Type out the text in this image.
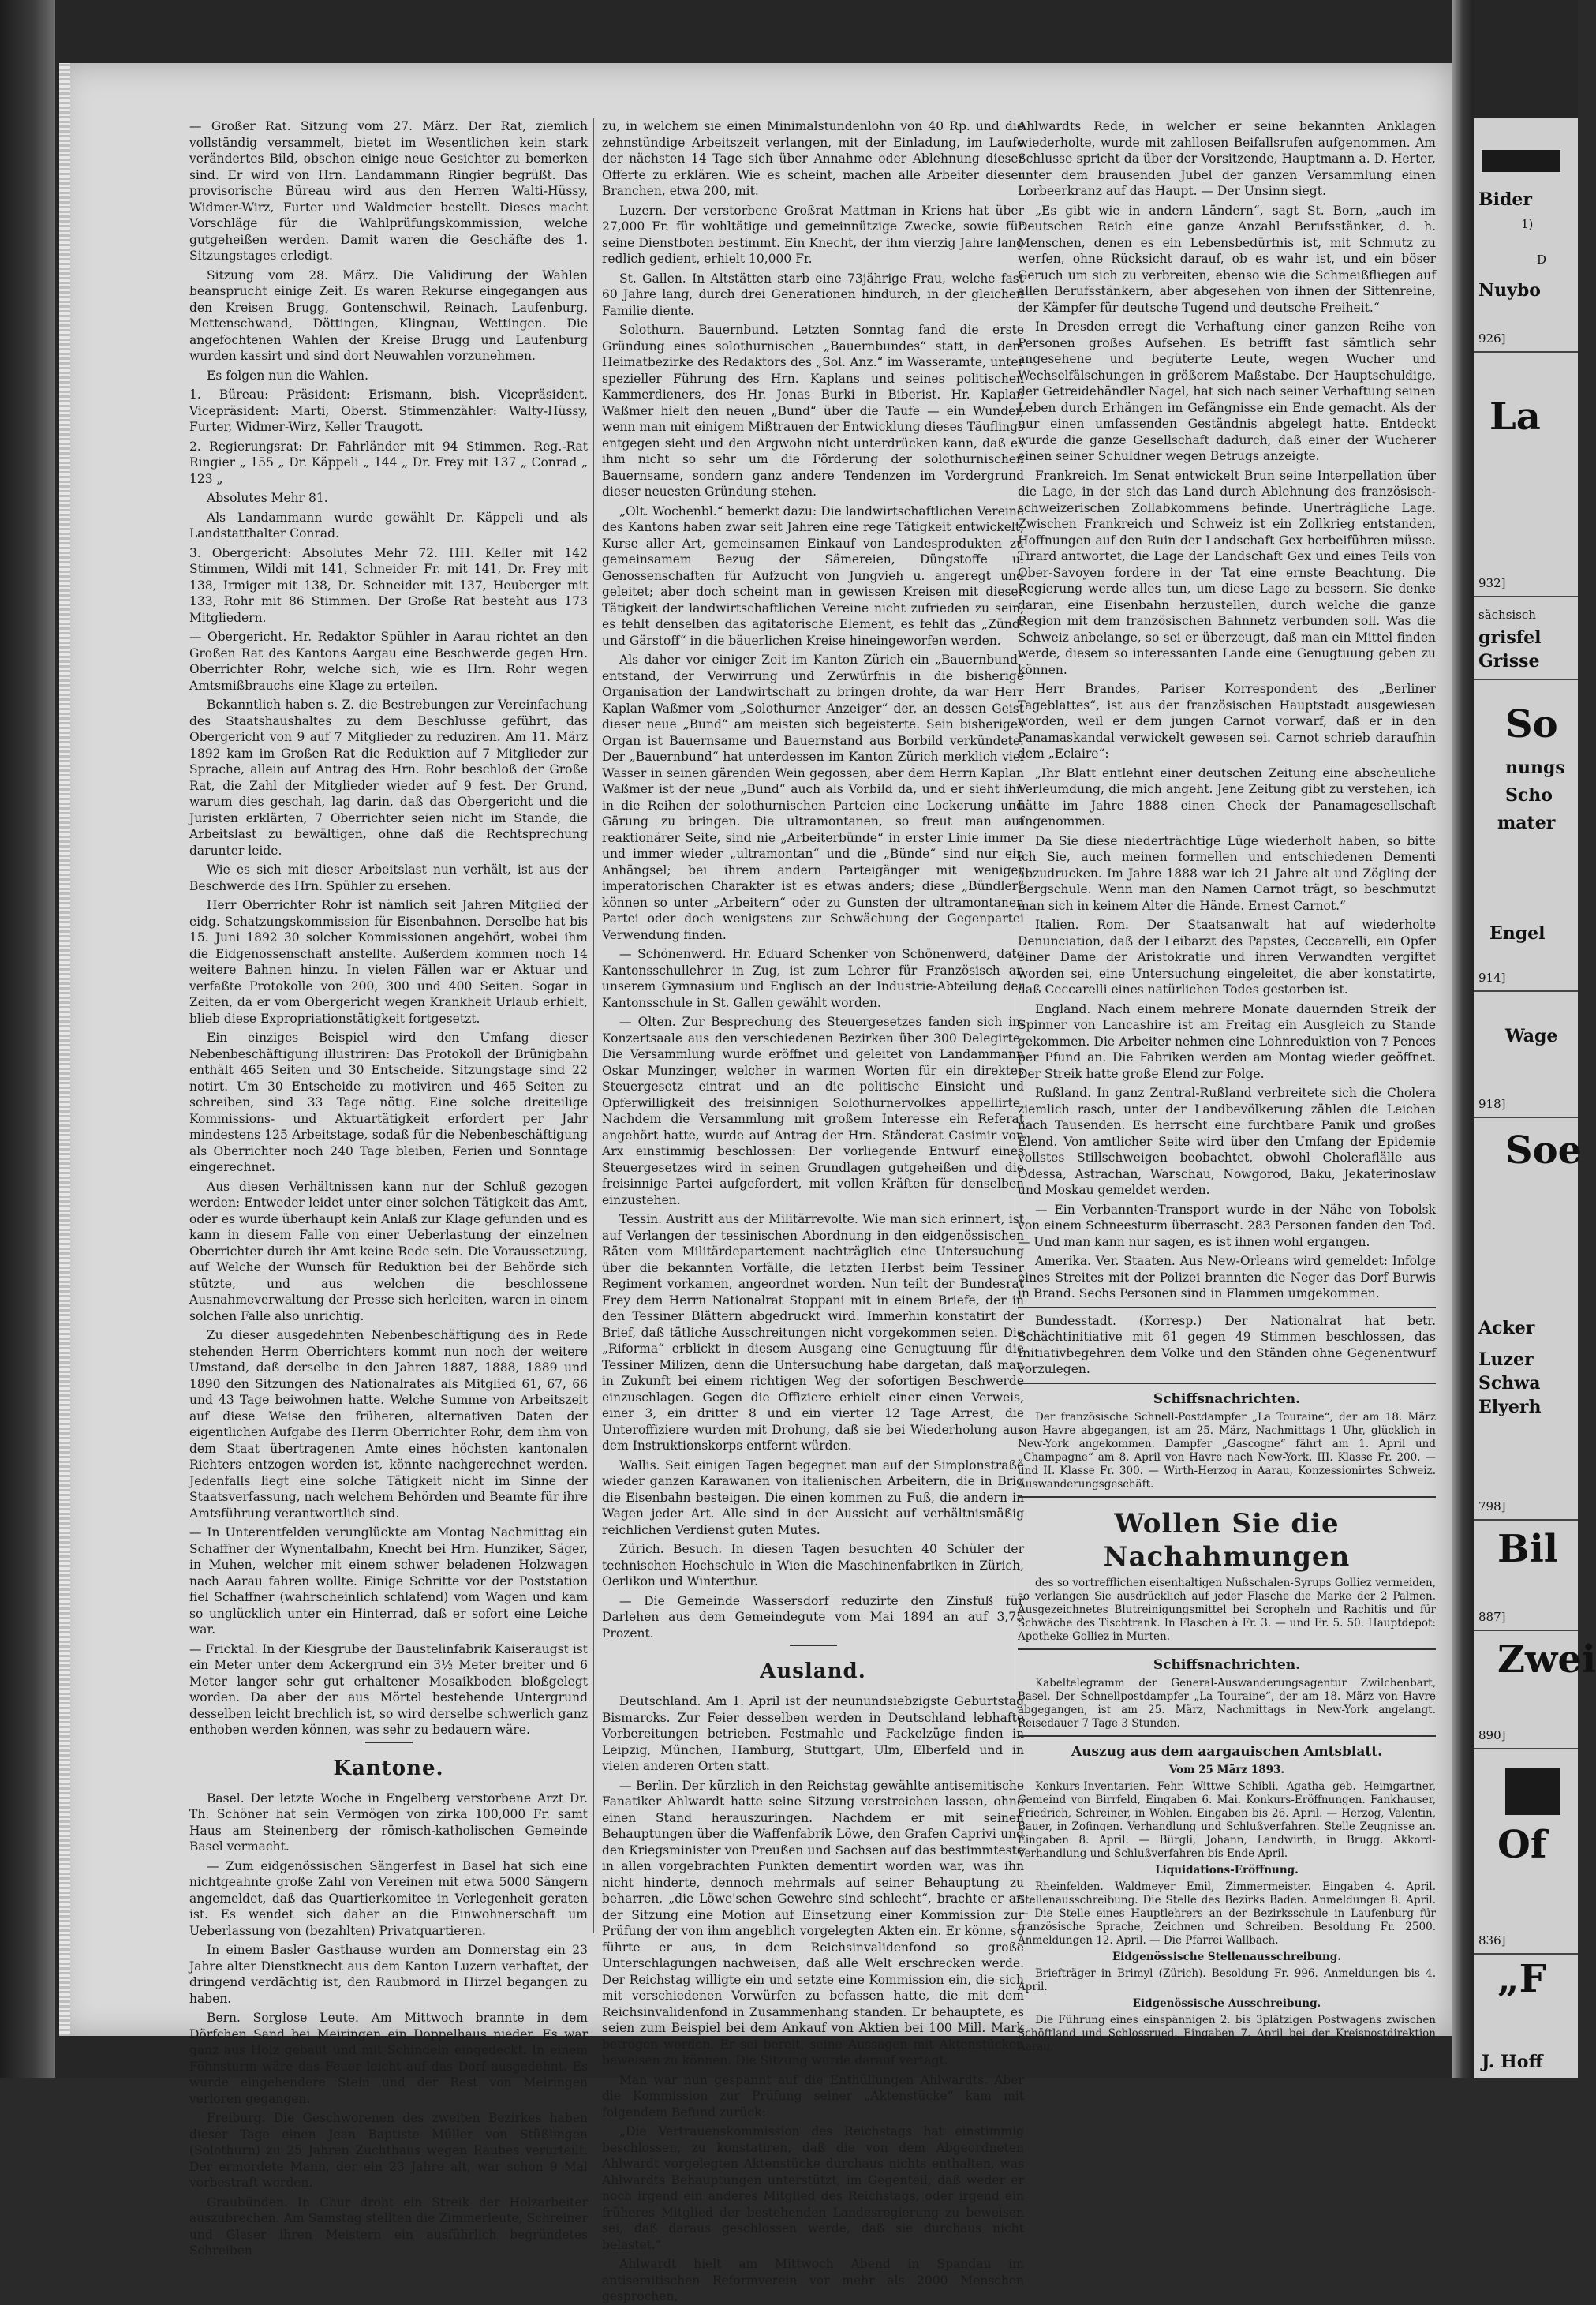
— Großer Rat. Sitzung vom 27. März. Der Rat, ziemlich vollständig versammelt, bietet im Wesentlichen kein stark verändertes Bild, obschon einige neue Gesichter zu bemerken sind. Er wird von Hrn. Landammann Ringier begrüßt. Das provisorische Büreau wird aus den Herren Walti-Hüssy, Widmer-Wirz, Furter und Waldmeier bestellt. Dieses macht Vorschläge für die Wahlprüfungskommission, welche gutgeheißen werden. Damit waren die Geschäfte des 1. Sitzungstages erledigt.

Sitzung vom 28. März. Die Validirung der Wahlen beansprucht einige Zeit. Es waren Rekurse eingegangen aus den Kreisen Brugg, Gontenschwil, Reinach, Laufenburg, Mettenschwand, Döttingen, Klingnau, Wettingen. Die angefochtenen Wahlen der Kreise Brugg und Laufenburg wurden kassirt und sind dort Neuwahlen vorzunehmen.

Es folgen nun die Wahlen.

1. Büreau: Präsident: Erismann, bish. Vicepräsident. Vicepräsident: Marti, Oberst. Stimmenzähler: Walty-Hüssy, Furter, Widmer-Wirz, Keller Traugott.

2. Regierungsrat: Dr. Fahrländer mit 94 Stimmen. Reg.-Rat Ringier „ 155 „ Dr. Käppeli „ 144 „ Dr. Frey mit 137 „ Conrad „ 123 „

Absolutes Mehr 81.

Als Landammann wurde gewählt Dr. Käppeli und als Landstatthalter Conrad.

3. Obergericht: Absolutes Mehr 72. HH. Keller mit 142 Stimmen, Wildi mit 141, Schneider Fr. mit 141, Dr. Frey mit 138, Irmiger mit 138, Dr. Schneider mit 137, Heuberger mit 133, Rohr mit 86 Stimmen. Der Große Rat besteht aus 173 Mitgliedern.

— Obergericht. Hr. Redaktor Spühler in Aarau richtet an den Großen Rat des Kantons Aargau eine Beschwerde gegen Hrn. Oberrichter Rohr, welche sich, wie es Hrn. Rohr wegen Amtsmißbrauchs eine Klage zu erteilen.

Bekanntlich haben s. Z. die Bestrebungen zur Vereinfachung des Staatshaushaltes zu dem Beschlusse geführt, das Obergericht von 9 auf 7 Mitglieder zu reduziren. Am 11. März 1892 kam im Großen Rat die Reduktion auf 7 Mitglieder zur Sprache, allein auf Antrag des Hrn. Rohr beschloß der Große Rat, die Zahl der Mitglieder wieder auf 9 fest. Der Grund, warum dies geschah, lag darin, daß das Obergericht und die Juristen erklärten, 7 Oberrichter seien nicht im Stande, die Arbeitslast zu bewältigen, ohne daß die Rechtsprechung darunter leide.

Wie es sich mit dieser Arbeitslast nun verhält, ist aus der Beschwerde des Hrn. Spühler zu ersehen.

Herr Oberrichter Rohr ist nämlich seit Jahren Mitglied der eidg. Schatzungskommission für Eisenbahnen. Derselbe hat bis 15. Juni 1892 30 solcher Kommissionen angehört, wobei ihm die Eidgenossenschaft anstellte. Außerdem kommen noch 14 weitere Bahnen hinzu. In vielen Fällen war er Aktuar und verfaßte Protokolle von 200, 300 und 400 Seiten. Sogar in Zeiten, da er vom Obergericht wegen Krankheit Urlaub erhielt, blieb diese Expropriationstätigkeit fortgesetzt.

Ein einziges Beispiel wird den Umfang dieser Nebenbeschäftigung illustriren: Das Protokoll der Brünigbahn enthält 465 Seiten und 30 Entscheide. Sitzungstage sind 22 notirt. Um 30 Entscheide zu motiviren und 465 Seiten zu schreiben, sind 33 Tage nötig. Eine solche dreiteilige Kommissions- und Aktuartätigkeit erfordert per Jahr mindestens 125 Arbeitstage, sodaß für die Nebenbeschäftigung als Oberrichter noch 240 Tage bleiben, Ferien und Sonntage eingerechnet.

Aus diesen Verhältnissen kann nur der Schluß gezogen werden: Entweder leidet unter einer solchen Tätigkeit das Amt, oder es wurde überhaupt kein Anlaß zur Klage gefunden und es kann in diesem Falle von einer Ueberlastung der einzelnen Oberrichter durch ihr Amt keine Rede sein. Die Voraussetzung, auf Welche der Wunsch für Reduktion bei der Behörde sich stützte, und aus welchen die beschlossene Ausnahmeverwaltung der Presse sich herleiten, waren in einem solchen Falle also unrichtig.

Zu dieser ausgedehnten Nebenbeschäftigung des in Rede stehenden Herrn Oberrichters kommt nun noch der weitere Umstand, daß derselbe in den Jahren 1887, 1888, 1889 und 1890 den Sitzungen des Nationalrates als Mitglied 61, 67, 66 und 43 Tage beiwohnen hatte. Welche Summe von Arbeitszeit auf diese Weise den früheren, alternativen Daten der eigentlichen Aufgabe des Herrn Oberrichter Rohr, dem ihm von dem Staat übertragenen Amte eines höchsten kantonalen Richters entzogen worden ist, könnte nachgerechnet werden. Jedenfalls liegt eine solche Tätigkeit nicht im Sinne der Staatsverfassung, nach welchem Behörden und Beamte für ihre Amtsführung verantwortlich sind.

— In Unterentfelden verunglückte am Montag Nachmittag ein Schaffner der Wynentalbahn, Knecht bei Hrn. Hunziker, Säger, in Muhen, welcher mit einem schwer beladenen Holzwagen nach Aarau fahren wollte. Einige Schritte vor der Poststation fiel Schaffner (wahrscheinlich schlafend) vom Wagen und kam so unglücklich unter ein Hinterrad, daß er sofort eine Leiche war.

— Fricktal. In der Kiesgrube der Baustelinfabrik Kaiseraugst ist ein Meter unter dem Ackergrund ein 3½ Meter breiter und 6 Meter langer sehr gut erhaltener Mosaikboden bloßgelegt worden. Da aber der aus Mörtel bestehende Untergrund desselben leicht brechlich ist, so wird derselbe schwerlich ganz enthoben werden können, was sehr zu bedauern wäre.

Kantone.

Basel. Der letzte Woche in Engelberg verstorbene Arzt Dr. Th. Schöner hat sein Vermögen von zirka 100,000 Fr. samt Haus am Steinenberg der römisch-katholischen Gemeinde Basel vermacht.

— Zum eidgenössischen Sängerfest in Basel hat sich eine nichtgeahnte große Zahl von Vereinen mit etwa 5000 Sängern angemeldet, daß das Quartierkomitee in Verlegenheit geraten ist. Es wendet sich daher an die Einwohnerschaft um Ueberlassung von (bezahlten) Privatquartieren.

In einem Basler Gasthause wurden am Donnerstag ein 23 Jahre alter Dienstknecht aus dem Kanton Luzern verhaftet, der dringend verdächtig ist, den Raubmord in Hirzel begangen zu haben.

Bern. Sorglose Leute. Am Mittwoch brannte in dem Dörfchen Sand bei Meiringen ein Doppelhaus nieder. Es war ganz aus Holz gebaut und mit Schindeln eingedeckt. In einem Föhnsturm wäre das Feuer leicht auf das Dorf ausgedehnt. Es wurde eingehendere Stein und der Rest von Meiringen verloren gegangen.

Freiburg. Die Geschworenen des zweiten Bezirkes haben dieser Tage einen Jean Baptiste Müller von Stüßlingen (Solothurn) zu 25 Jahren Zuchthaus wegen Raubes verurteilt. Der ermordete Mann, der ein 23 Jahre alt, war schon 9 Mal vorbestraft worden.

Graubünden. In Chur droht ein Streik der Holzarbeiter auszubrechen. Am Samstag stellten die Zimmerleute, Schreiner und Glaser ihren Meistern ein ausführlich begründetes Schreiben

zu, in welchem sie einen Minimalstundenlohn von 40 Rp. und die zehnstündige Arbeitszeit verlangen, mit der Einladung, im Laufe der nächsten 14 Tage sich über Annahme oder Ablehnung dieser Offerte zu erklären. Wie es scheint, machen alle Arbeiter dieser Branchen, etwa 200, mit.

Luzern. Der verstorbene Großrat Mattman in Kriens hat über 27,000 Fr. für wohltätige und gemeinnützige Zwecke, sowie für seine Dienstboten bestimmt. Ein Knecht, der ihm vierzig Jahre lang redlich gedient, erhielt 10,000 Fr.

St. Gallen. In Altstätten starb eine 73jährige Frau, welche fast 60 Jahre lang, durch drei Generationen hindurch, in der gleichen Familie diente.

Solothurn. Bauernbund. Letzten Sonntag fand die erste Gründung eines solothurnischen „Bauernbundes“ statt, in dem Heimatbezirke des Redaktors des „Sol. Anz.“ im Wasseramte, unter spezieller Führung des Hrn. Kaplans und seines politischen Kammerdieners, des Hr. Jonas Burki in Biberist. Hr. Kaplan Waßmer hielt den neuen „Bund“ über die Taufe — ein Wunder, wenn man mit einigem Mißtrauen der Entwicklung dieses Täuflings entgegen sieht und den Argwohn nicht unterdrücken kann, daß es ihm nicht so sehr um die Förderung der solothurnischen Bauernsame, sondern ganz andere Tendenzen im Vordergrund dieser neuesten Gründung stehen.

„Olt. Wochenbl.“ bemerkt dazu: Die landwirtschaftlichen Vereine des Kantons haben zwar seit Jahren eine rege Tätigkeit entwickelt, Kurse aller Art, gemeinsamen Einkauf von Landesprodukten zu gemeinsamem Bezug der Sämereien, Düngstoffe u. Genossenschaften für Aufzucht von Jungvieh u. angeregt und geleitet; aber doch scheint man in gewissen Kreisen mit dieser Tätigkeit der landwirtschaftlichen Vereine nicht zufrieden zu sein, es fehlt denselben das agitatorische Element, es fehlt das „Zünd- und Gärstoff“ in die bäuerlichen Kreise hineingeworfen werden.

Als daher vor einiger Zeit im Kanton Zürich ein „Bauernbund“ entstand, der Verwirrung und Zerwürfnis in die bisherige Organisation der Landwirtschaft zu bringen drohte, da war Herr Kaplan Waßmer vom „Solothurner Anzeiger“ der, an dessen Geist dieser neue „Bund“ am meisten sich begeisterte. Sein bisheriges Organ ist Bauernsame und Bauernstand aus Borbild verkündete. Der „Bauernbund“ hat unterdessen im Kanton Zürich merklich viel Wasser in seinen gärenden Wein gegossen, aber dem Herrn Kaplan Waßmer ist der neue „Bund“ auch als Vorbild da, und er sieht ihn in die Reihen der solothurnischen Parteien eine Lockerung und Gärung zu bringen. Die ultramontanen, so freut man auf reaktionärer Seite, sind nie „Arbeiterbünde“ in erster Linie immer und immer wieder „ultramontan“ und die „Bünde“ sind nur ein Anhängsel; bei ihrem andern Parteigänger mit weniger imperatorischen Charakter ist es etwas anders; diese „Bündler“ können so unter „Arbeitern“ oder zu Gunsten der ultramontanen Partei oder doch wenigstens zur Schwächung der Gegenpartei Verwendung finden.

— Schönenwerd. Hr. Eduard Schenker von Schönenwerd, dato Kantonsschullehrer in Zug, ist zum Lehrer für Französisch an unserem Gymnasium und Englisch an der Industrie-Abteilung der Kantonsschule in St. Gallen gewählt worden.

— Olten. Zur Besprechung des Steuergesetzes fanden sich im Konzertsaale aus den verschiedenen Bezirken über 300 Delegirte. Die Versammlung wurde eröffnet und geleitet von Landammann Oskar Munzinger, welcher in warmen Worten für ein direktes Steuergesetz eintrat und an die politische Einsicht und Opferwilligkeit des freisinnigen Solothurnervolkes appellirte. Nachdem die Versammlung mit großem Interesse ein Referat angehört hatte, wurde auf Antrag der Hrn. Ständerat Casimir von Arx einstimmig beschlossen: Der vorliegende Entwurf eines Steuergesetzes wird in seinen Grundlagen gutgeheißen und die freisinnige Partei aufgefordert, mit vollen Kräften für denselben einzustehen.

Tessin. Austritt aus der Militärrevolte. Wie man sich erinnert, ist auf Verlangen der tessinischen Abordnung in den eidgenössischen Räten vom Militärdepartement nachträglich eine Untersuchung über die bekannten Vorfälle, die letzten Herbst beim Tessiner Regiment vorkamen, angeordnet worden. Nun teilt der Bundesrat Frey dem Herrn Nationalrat Stoppani mit in einem Briefe, der in den Tessiner Blättern abgedruckt wird. Immerhin konstatirt der Brief, daß tätliche Ausschreitungen nicht vorgekommen seien. Die „Riforma“ erblickt in diesem Ausgang eine Genugtuung für die Tessiner Milizen, denn die Untersuchung habe dargetan, daß man in Zukunft bei einem richtigen Weg der sofortigen Beschwerde einzuschlagen. Gegen die Offiziere erhielt einer einen Verweis, einer 3, ein dritter 8 und ein vierter 12 Tage Arrest, die Unteroffiziere wurden mit Drohung, daß sie bei Wiederholung aus dem Instruktionskorps entfernt würden.

Wallis. Seit einigen Tagen begegnet man auf der Simplonstraße wieder ganzen Karawanen von italienischen Arbeitern, die in Brig die Eisenbahn besteigen. Die einen kommen zu Fuß, die andern in Wagen jeder Art. Alle sind in der Aussicht auf verhältnismäßig reichlichen Verdienst guten Mutes.

Zürich. Besuch. In diesen Tagen besuchten 40 Schüler der technischen Hochschule in Wien die Maschinenfabriken in Zürich, Oerlikon und Winterthur.

— Die Gemeinde Wassersdorf reduzirte den Zinsfuß für Darlehen aus dem Gemeindegute vom Mai 1894 an auf 3,75 Prozent.

Ausland.

Deutschland. Am 1. April ist der neunundsiebzigste Geburtstag Bismarcks. Zur Feier desselben werden in Deutschland lebhafte Vorbereitungen betrieben. Festmahle und Fackelzüge finden in Leipzig, München, Hamburg, Stuttgart, Ulm, Elberfeld und in vielen anderen Orten statt.

— Berlin. Der kürzlich in den Reichstag gewählte antisemitische Fanatiker Ahlwardt hatte seine Sitzung verstreichen lassen, ohne einen Stand herauszuringen. Nachdem er mit seinen Behauptungen über die Waffenfabrik Löwe, den Grafen Caprivi und den Kriegsminister von Preußen und Sachsen auf das bestimmteste in allen vorgebrachten Punkten dementirt worden war, was ihn nicht hinderte, dennoch mehrmals auf seiner Behauptung zu beharren, „die Löwe'schen Gewehre sind schlecht“, brachte er an der Sitzung eine Motion auf Einsetzung einer Kommission zur Prüfung der von ihm angeblich vorgelegten Akten ein. Er könne, so führte er aus, in dem Reichsinvalidenfond so große Unterschlagungen nachweisen, daß alle Welt erschrecken werde. Der Reichstag willigte ein und setzte eine Kommission ein, die sich mit verschiedenen Vorwürfen zu befassen hatte, die mit dem Reichsinvalidenfond in Zusammenhang standen. Er behauptete, es seien zum Beispiel bei dem Ankauf von Aktien bei 100 Mill. Mark betrogen worden. Er sei bereit, seine Aussagen mit Aktenstücken beweisen zu können. Die Sitzung wurde darauf vertagt.

Man war nun gespannt auf die Enthüllungen Ahlwardts. Aber die Kommission zur Prüfung seiner „Aktenstücke“ kam mit folgendem Befund zurück:

„Die Vertrauenskommission des Reichstags hat einstimmig beschlossen, zu konstatiren, daß die von dem Abgeordneten Ahlwardt vorgelegten Aktenstücke durchaus nichts enthalten, was Ahlwardts Behauptungen unterstützt, im Gegenteil, daß weder er noch irgend ein anderes Mitglied des Reichstags, oder irgend ein früheres Mitglied der bestehenden Landesregierung zu beweisen sei, daß daraus geschlossen werde, daß sie durchaus nicht belastet.“

Ahlwardt hielt am Mittwoch Abend in Spandau im antisemitischen Reformverein vor mehr als 2000 Menschen gesprochen,

Ahlwardts Rede, in welcher er seine bekannten Anklagen wiederholte, wurde mit zahllosen Beifallsrufen aufgenommen. Am Schlusse spricht da über der Vorsitzende, Hauptmann a. D. Herter, unter dem brausenden Jubel der ganzen Versammlung einen Lorbeerkranz auf das Haupt. — Der Unsinn siegt.

„Es gibt wie in andern Ländern“, sagt St. Born, „auch im Deutschen Reich eine ganze Anzahl Berufsstänker, d. h. Menschen, denen es ein Lebensbedürfnis ist, mit Schmutz zu werfen, ohne Rücksicht darauf, ob es wahr ist, und ein böser Geruch um sich zu verbreiten, ebenso wie die Schmeißfliegen auf allen Berufsstänkern, aber abgesehen von ihnen der Sittenreine, der Kämpfer für deutsche Tugend und deutsche Freiheit.“

In Dresden erregt die Verhaftung einer ganzen Reihe von Personen großes Aufsehen. Es betrifft fast sämtlich sehr angesehene und begüterte Leute, wegen Wucher und Wechselfälschungen in größerem Maßstabe. Der Hauptschuldige, der Getreidehändler Nagel, hat sich nach seiner Verhaftung seinen Leben durch Erhängen im Gefängnisse ein Ende gemacht. Als der nur einen umfassenden Geständnis abgelegt hatte. Entdeckt wurde die ganze Gesellschaft dadurch, daß einer der Wucherer einen seiner Schuldner wegen Betrugs anzeigte.

Frankreich. Im Senat entwickelt Brun seine Interpellation über die Lage, in der sich das Land durch Ablehnung des französisch-schweizerischen Zollabkommens befinde. Unerträgliche Lage. Zwischen Frankreich und Schweiz ist ein Zollkrieg entstanden, Hoffnungen auf den Ruin der Landschaft Gex herbeiführen müsse. Tirard antwortet, die Lage der Landschaft Gex und eines Teils von Ober-Savoyen fordere in der Tat eine ernste Beachtung. Die Regierung werde alles tun, um diese Lage zu bessern. Sie denke daran, eine Eisenbahn herzustellen, durch welche die ganze Region mit dem französischen Bahnnetz verbunden soll. Was die Schweiz anbelange, so sei er überzeugt, daß man ein Mittel finden werde, diesem so interessanten Lande eine Genugtuung geben zu können.

Herr Brandes, Pariser Korrespondent des „Berliner Tageblattes“, ist aus der französischen Hauptstadt ausgewiesen worden, weil er dem jungen Carnot vorwarf, daß er in den Panamaskandal verwickelt gewesen sei. Carnot schrieb daraufhin dem „Eclaire“:

„Ihr Blatt entlehnt einer deutschen Zeitung eine abscheuliche Verleumdung, die mich angeht. Jene Zeitung gibt zu verstehen, ich hätte im Jahre 1888 einen Check der Panamagesellschaft angenommen.

Da Sie diese niederträchtige Lüge wiederholt haben, so bitte ich Sie, auch meinen formellen und entschiedenen Dementi abzudrucken. Im Jahre 1888 war ich 21 Jahre alt und Zögling der Bergschule. Wenn man den Namen Carnot trägt, so beschmutzt man sich in keinem Alter die Hände. Ernest Carnot.“

Italien. Rom. Der Staatsanwalt hat auf wiederholte Denunciation, daß der Leibarzt des Papstes, Ceccarelli, ein Opfer einer Dame der Aristokratie und ihren Verwandten vergiftet worden sei, eine Untersuchung eingeleitet, die aber konstatirte, daß Ceccarelli eines natürlichen Todes gestorben ist.

England. Nach einem mehrere Monate dauernden Streik der Spinner von Lancashire ist am Freitag ein Ausgleich zu Stande gekommen. Die Arbeiter nehmen eine Lohnreduktion von 7 Pences per Pfund an. Die Fabriken werden am Montag wieder geöffnet. Der Streik hatte große Elend zur Folge.

Rußland. In ganz Zentral-Rußland verbreitete sich die Cholera ziemlich rasch, unter der Landbevölkerung zählen die Leichen nach Tausenden. Es herrscht eine furchtbare Panik und großes Elend. Von amtlicher Seite wird über den Umfang der Epidemie vollstes Stillschweigen beobachtet, obwohl Choleraflälle aus Odessa, Astrachan, Warschau, Nowgorod, Baku, Jekaterinoslaw und Moskau gemeldet werden.

— Ein Verbannten-Transport wurde in der Nähe von Tobolsk von einem Schneesturm überrascht. 283 Personen fanden den Tod. — Und man kann nur sagen, es ist ihnen wohl ergangen.

Amerika. Ver. Staaten. Aus New-Orleans wird gemeldet: Infolge eines Streites mit der Polizei brannten die Neger das Dorf Burwis in Brand. Sechs Personen sind in Flammen umgekommen.

Bundesstadt. (Korresp.) Der Nationalrat hat betr. Schächtinitiative mit 61 gegen 49 Stimmen beschlossen, das Initiativbegehren dem Volke und den Ständen ohne Gegenentwurf vorzulegen.

Schiffsnachrichten.

Der französische Schnell-Postdampfer „La Touraine“, der am 18. März von Havre abgegangen, ist am 25. März, Nachmittags 1 Uhr, glücklich in New-York angekommen. Dampfer „Gascogne“ fährt am 1. April und „Champagne“ am 8. April von Havre nach New-York. III. Klasse Fr. 200. — und II. Klasse Fr. 300. — Wirth-Herzog in Aarau, Konzessionirtes Schweiz. Auswanderungsgeschäft.

Wollen Sie die Nachahmungen

des so vortrefflichen eisenhaltigen Nußschalen-Syrups Golliez vermeiden, so verlangen Sie ausdrücklich auf jeder Flasche die Marke der 2 Palmen. Ausgezeichnetes Blutreinigungsmittel bei Scropheln und Rachitis und für Schwäche des Tischtrank. In Flaschen à Fr. 3. — und Fr. 5. 50. Hauptdepot: Apotheke Golliez in Murten.

Schiffsnachrichten.

Kabeltelegramm der General-Auswanderungsagentur Zwilchenbart, Basel. Der Schnellpostdampfer „La Touraine“, der am 18. März von Havre abgegangen, ist am 25. März, Nachmittags in New-York angelangt. Reisedauer 7 Tage 3 Stunden.

Auszug aus dem aargauischen Amtsblatt.
Vom 25 März 1893.

Konkurs-Inventarien. Fehr. Wittwe Schibli, Agatha geb. Heimgartner, Gemeind von Birrfeld, Eingaben 6. Mai. Konkurs-Eröffnungen. Fankhauser, Friedrich, Schreiner, in Wohlen, Eingaben bis 26. April. — Herzog, Valentin, Bauer, in Zofingen. Verhandlung und Schlußverfahren. Stelle Zeugnisse an. Eingaben 8. April. — Bürgli, Johann, Landwirth, in Brugg. Akkord-Verhandlung und Schlußverfahren bis Ende April.

Liquidations-Eröffnung.

Rheinfelden. Waldmeyer Emil, Zimmermeister. Eingaben 4. April. Stellenausschreibung. Die Stelle des Bezirks Baden. Anmeldungen 8. April. — Die Stelle eines Hauptlehrers an der Bezirksschule in Laufenburg für französische Sprache, Zeichnen und Schreiben. Besoldung Fr. 2500. Anmeldungen 12. April. — Die Pfarrei Wallbach.

Eidgenössische Stellenausschreibung.

Briefträger in Brimyl (Zürich). Besoldung Fr. 996. Anmeldungen bis 4. April.

Eidgenössische Ausschreibung.

Die Führung eines einspännigen 2. bis 3plätzigen Postwagens zwischen Schöftland und Schlossrued. Eingaben 7. April bei der Kreispostdirektion Aarau.

Bider
1)
D
Nuybo
926]
La
932]
sächsisch
grisfel
Grisse
So
nungs
Scho
mater
Engel
914]
Wage
918]
Soe
Acker
Luzer
Schwa
Elyerh
798]
Bil
887]
Zwei
890]
Of
836]
„F
J. Hoff
